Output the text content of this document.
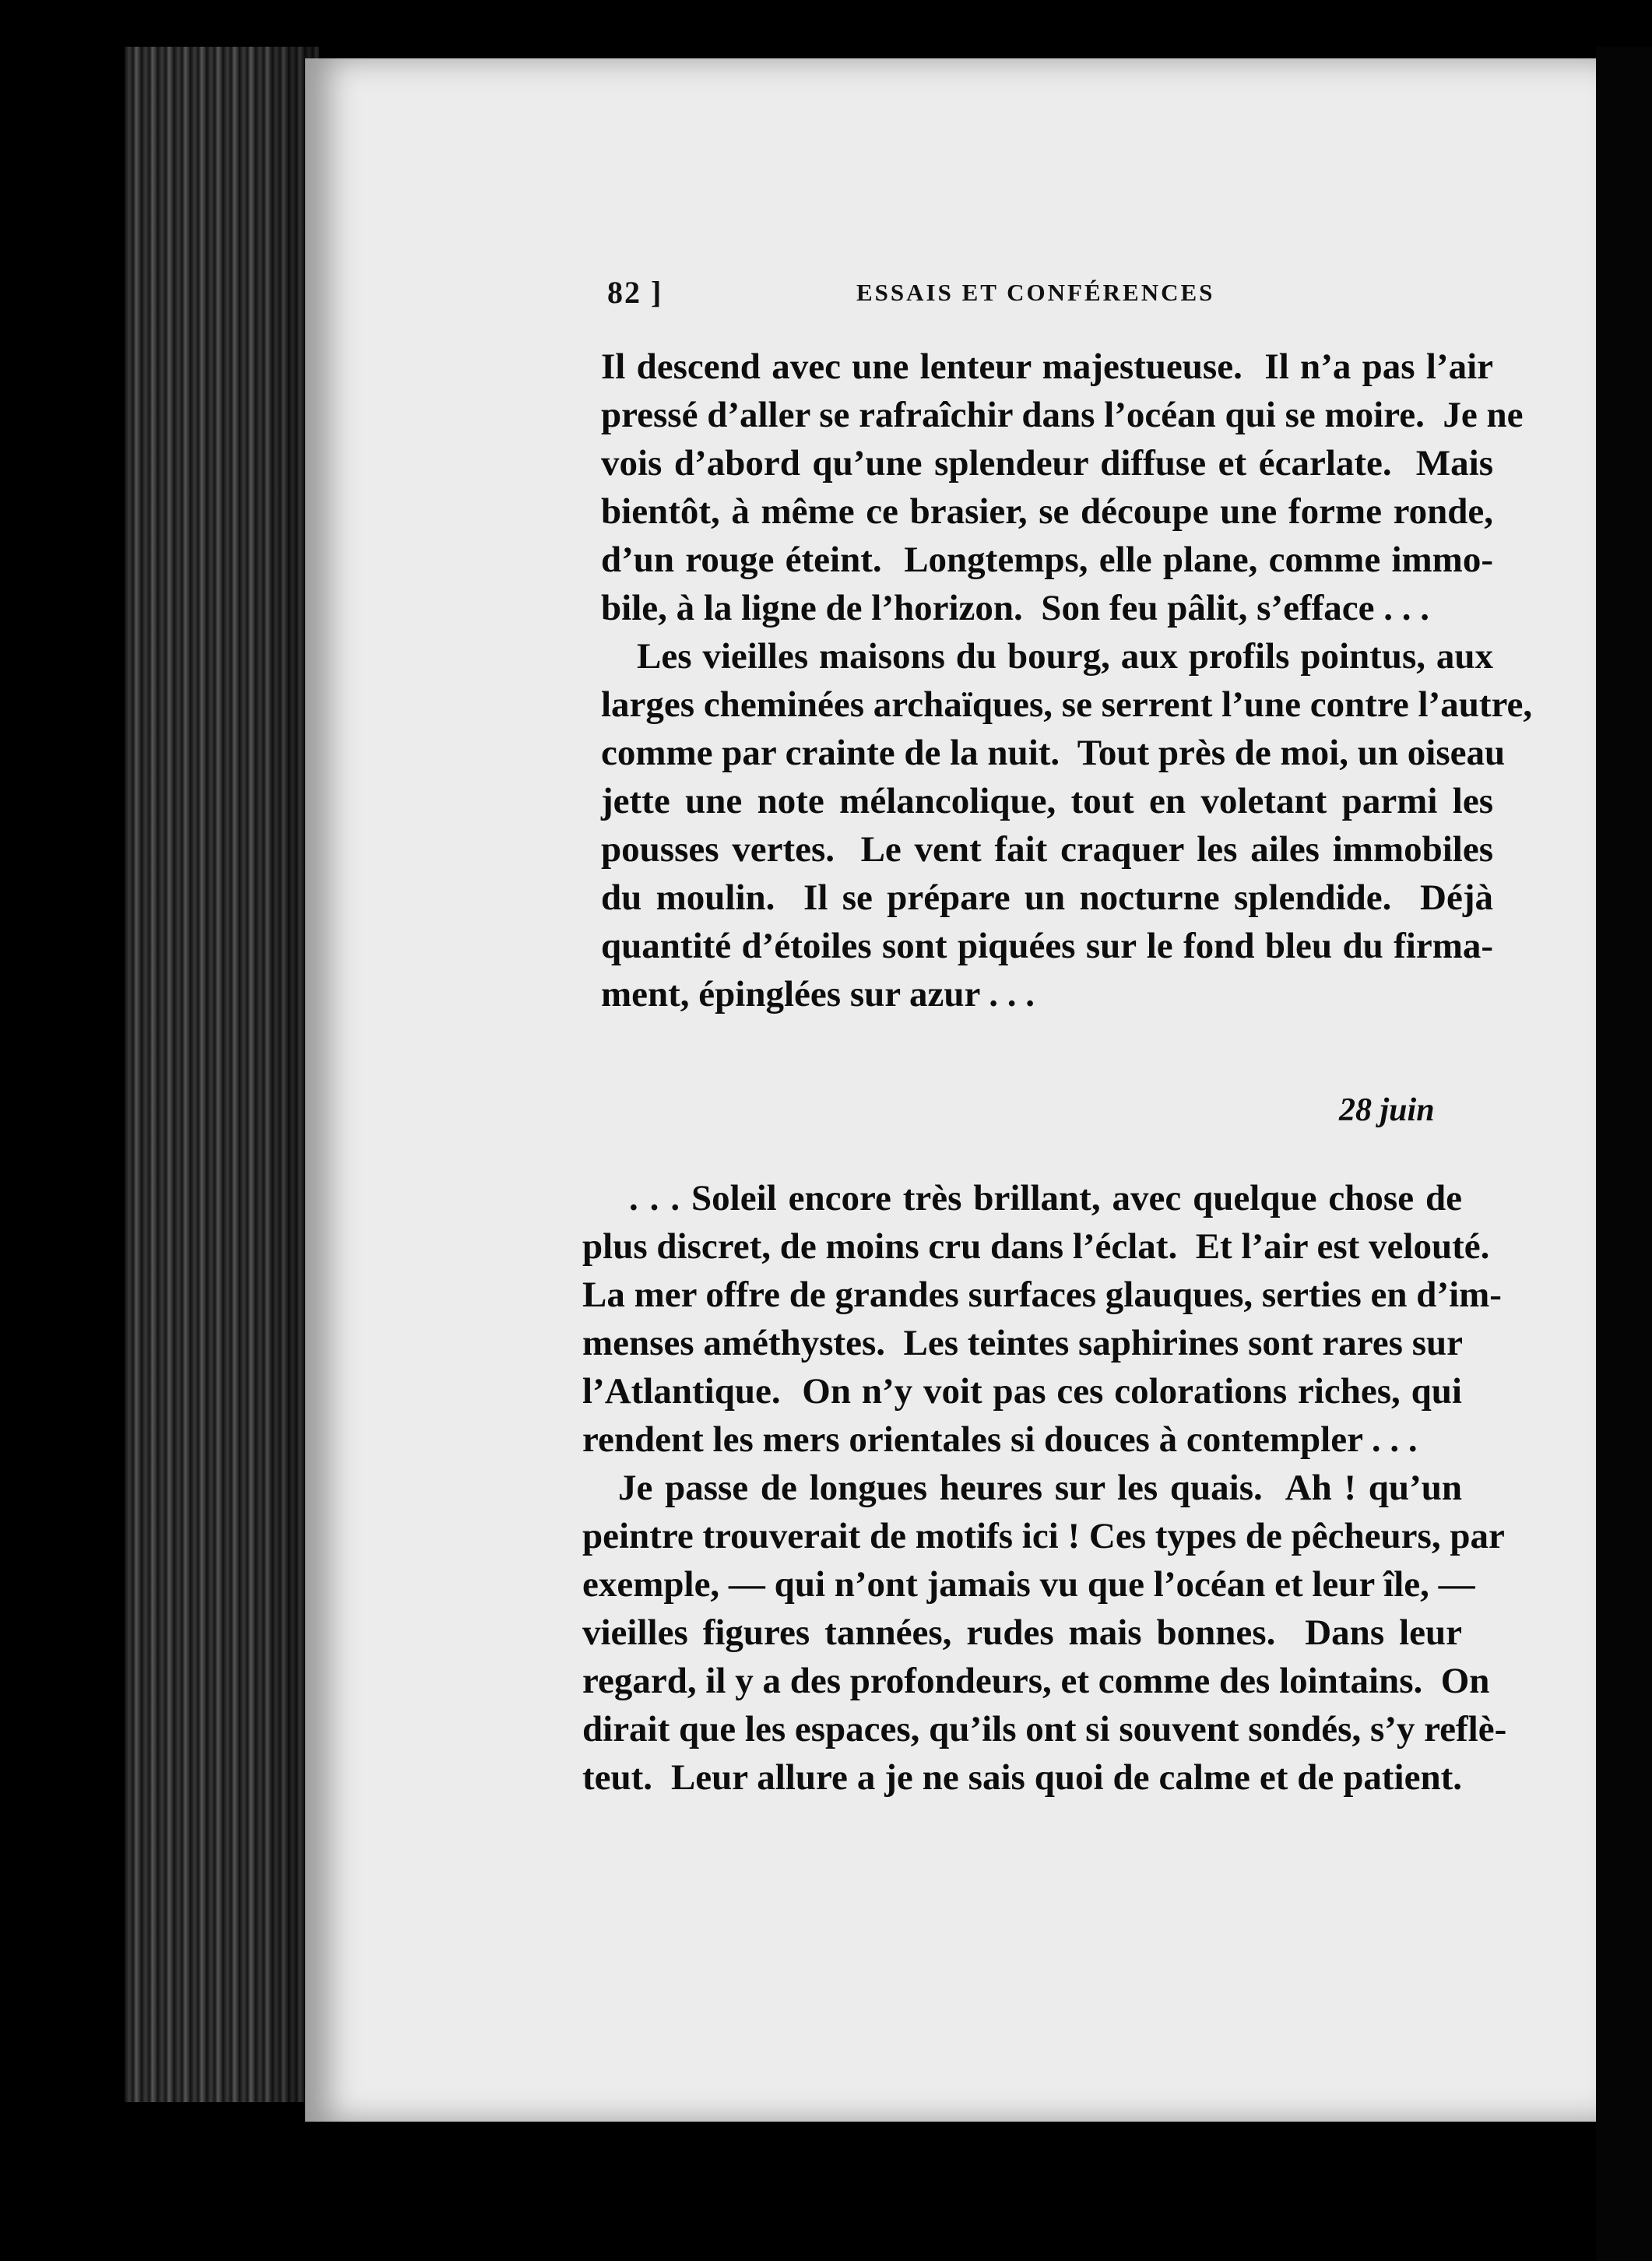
82 ]	ESSAIS ET CONFÉRENCES
Il descend avec une lenteur majestueuse.  Il n’a pas l’air
pressé d’aller se rafraîchir dans l’océan qui se moire.  Je ne
vois d’abord qu’une splendeur diffuse et écarlate.  Mais
bientôt, à même ce brasier, se découpe une forme ronde,
d’un rouge éteint.  Longtemps, elle plane, comme immo-
bile, à la ligne de l’horizon.  Son feu pâlit, s’efface . . .
Les vieilles maisons du bourg, aux profils pointus, aux
larges cheminées archaïques, se serrent l’une contre l’autre,
comme par crainte de la nuit.  Tout près de moi, un oiseau
jette une note mélancolique, tout en voletant parmi les
pousses vertes.  Le vent fait craquer les ailes immobiles
du moulin.  Il se prépare un nocturne splendide.  Déjà
quantité d’étoiles sont piquées sur le fond bleu du firma-
ment, épinglées sur azur . . .
28 juin
. . . Soleil encore très brillant, avec quelque chose de
plus discret, de moins cru dans l’éclat.  Et l’air est velouté.
La mer offre de grandes surfaces glauques, serties en d’im-
menses améthystes.  Les teintes saphirines sont rares sur
l’Atlantique.  On n’y voit pas ces colorations riches, qui
rendent les mers orientales si douces à contempler . . .
Je passe de longues heures sur les quais.  Ah ! qu’un
peintre trouverait de motifs ici ! Ces types de pêcheurs, par
exemple, — qui n’ont jamais vu que l’océan et leur île, —
vieilles figures tannées, rudes mais bonnes.  Dans leur
regard, il y a des profondeurs, et comme des lointains.  On
dirait que les espaces, qu’ils ont si souvent sondés, s’y reflè-
teut.  Leur allure a je ne sais quoi de calme et de patient.
